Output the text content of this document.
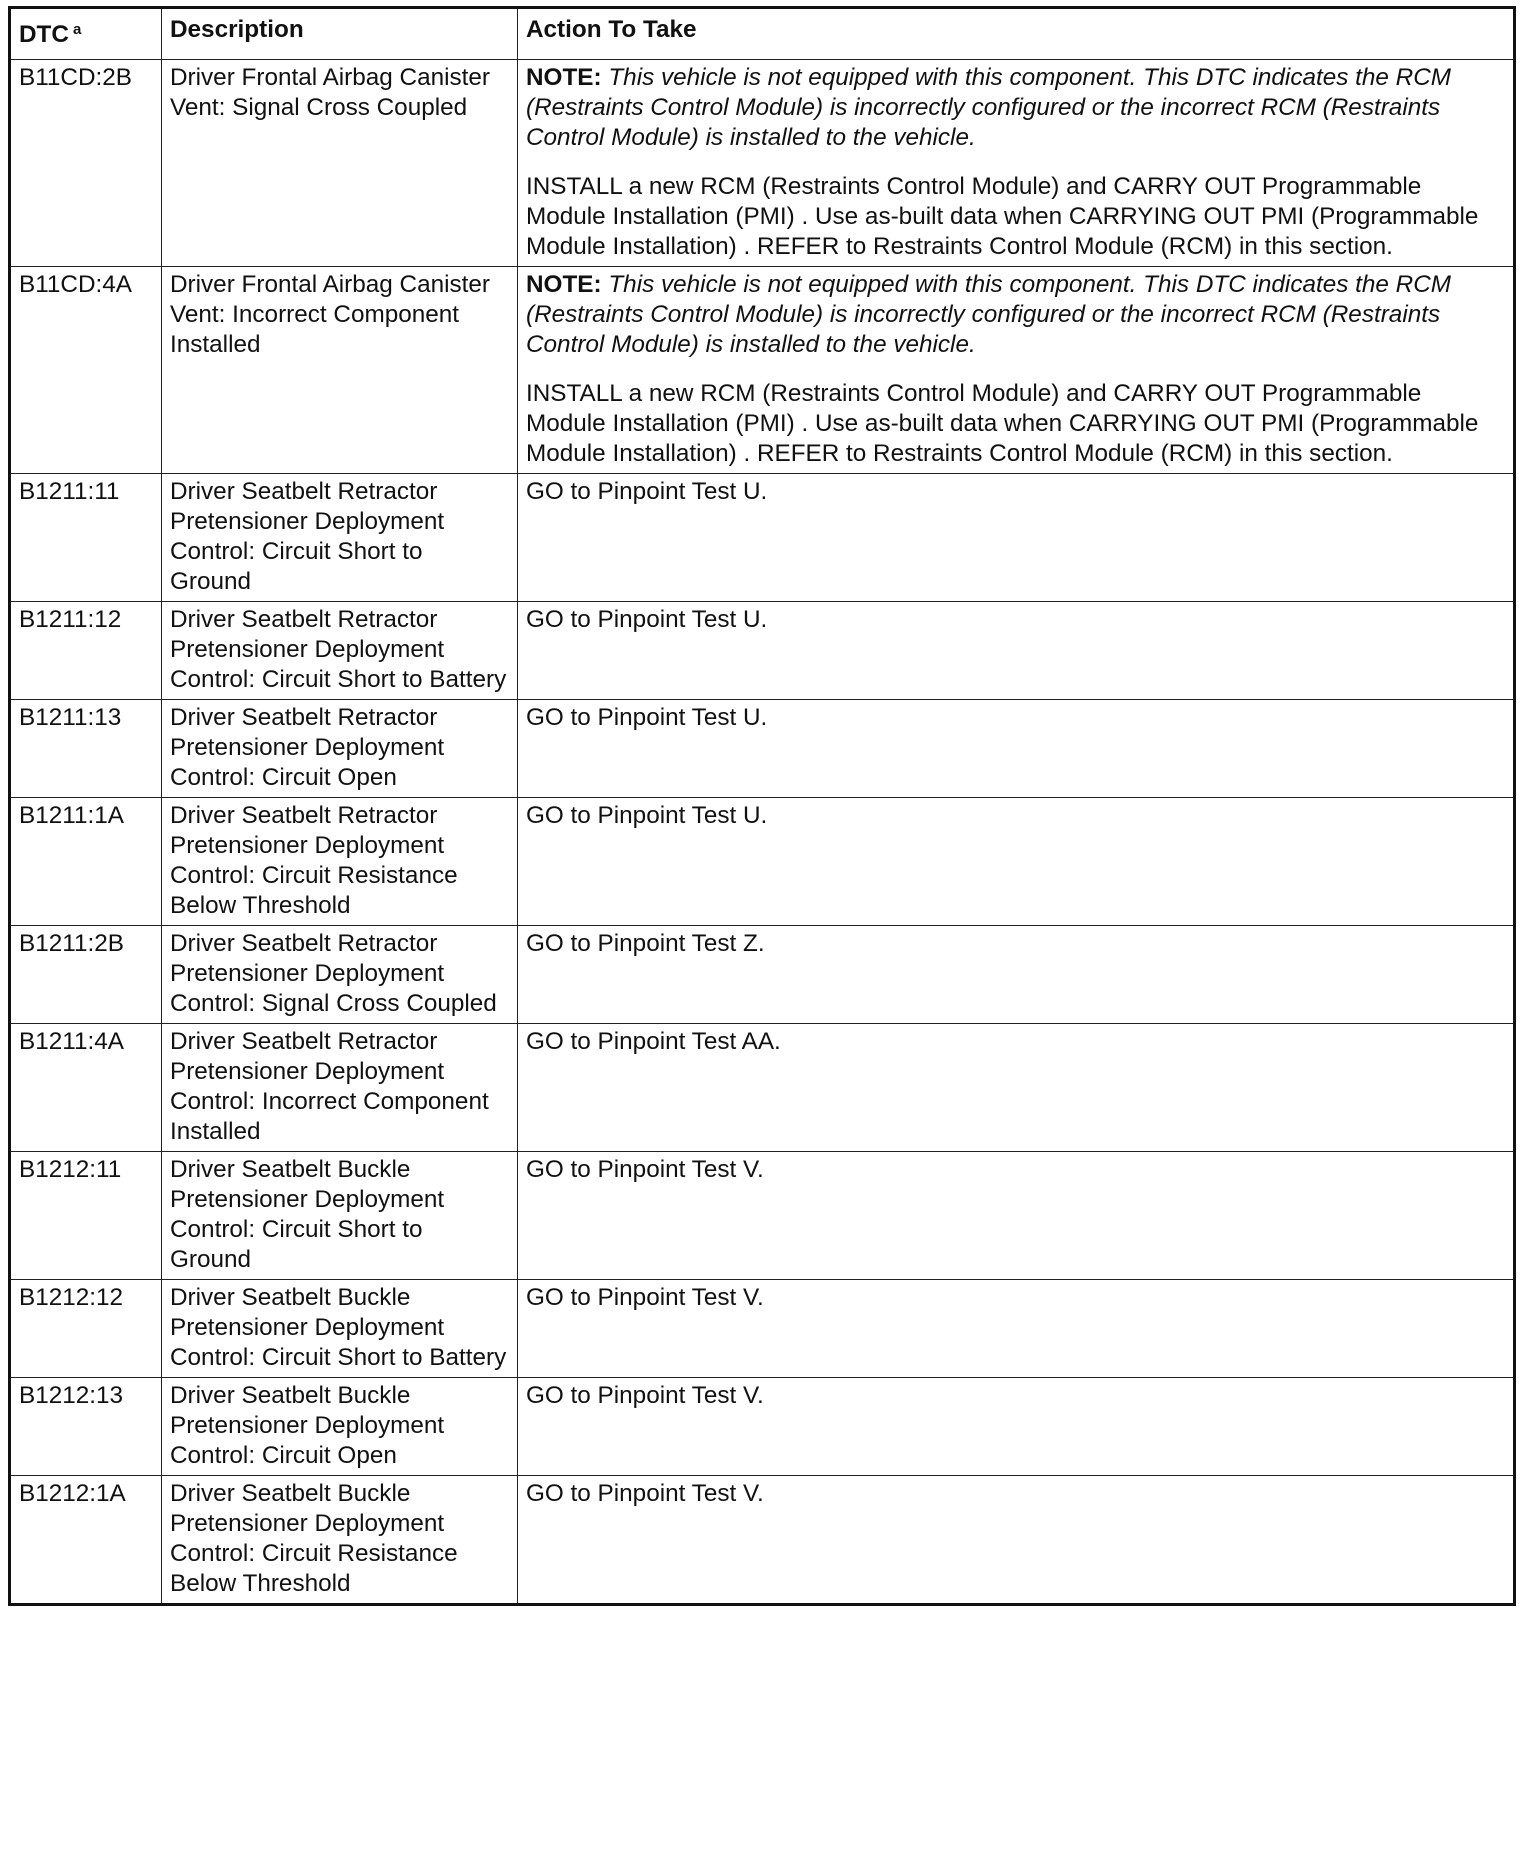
DTC $^a$	Description	Action To Take
B11CD:2B	Driver Frontal Airbag Canister Vent: Signal Cross Coupled	NOTE: This vehicle is not equipped with this component. This DTC indicates the RCM (Restraints Control Module) is incorrectly configured or the incorrect RCM (Restraints Control Module) is installed to the vehicle.

INSTALL a new RCM (Restraints Control Module) and CARRY OUT Programmable Module Installation (PMI) . Use as-built data when CARRYING OUT PMI (Programmable Module Installation) . REFER to Restraints Control Module (RCM) in this section.

B11CD:4A	Driver Frontal Airbag Canister Vent: Incorrect Component Installed	NOTE: This vehicle is not equipped with this component. This DTC indicates the RCM (Restraints Control Module) is incorrectly configured or the incorrect RCM (Restraints Control Module) is installed to the vehicle.

INSTALL a new RCM (Restraints Control Module) and CARRY OUT Programmable Module Installation (PMI) . Use as-built data when CARRYING OUT PMI (Programmable Module Installation) . REFER to Restraints Control Module (RCM) in this section.

B1211:11	Driver Seatbelt Retractor Pretensioner Deployment Control: Circuit Short to Ground	GO to Pinpoint Test U.
B1211:12	Driver Seatbelt Retractor Pretensioner Deployment Control: Circuit Short to Battery	GO to Pinpoint Test U.
B1211:13	Driver Seatbelt Retractor Pretensioner Deployment Control: Circuit Open	GO to Pinpoint Test U.
B1211:1A	Driver Seatbelt Retractor Pretensioner Deployment Control: Circuit Resistance Below Threshold	GO to Pinpoint Test U.
B1211:2B	Driver Seatbelt Retractor Pretensioner Deployment Control: Signal Cross Coupled	GO to Pinpoint Test Z.
B1211:4A	Driver Seatbelt Retractor Pretensioner Deployment Control: Incorrect Component Installed	GO to Pinpoint Test AA.
B1212:11	Driver Seatbelt Buckle Pretensioner Deployment Control: Circuit Short to Ground	GO to Pinpoint Test V.
B1212:12	Driver Seatbelt Buckle Pretensioner Deployment Control: Circuit Short to Battery	GO to Pinpoint Test V.
B1212:13	Driver Seatbelt Buckle Pretensioner Deployment Control: Circuit Open	GO to Pinpoint Test V.
B1212:1A	Driver Seatbelt Buckle Pretensioner Deployment Control: Circuit Resistance Below Threshold	GO to Pinpoint Test V.
